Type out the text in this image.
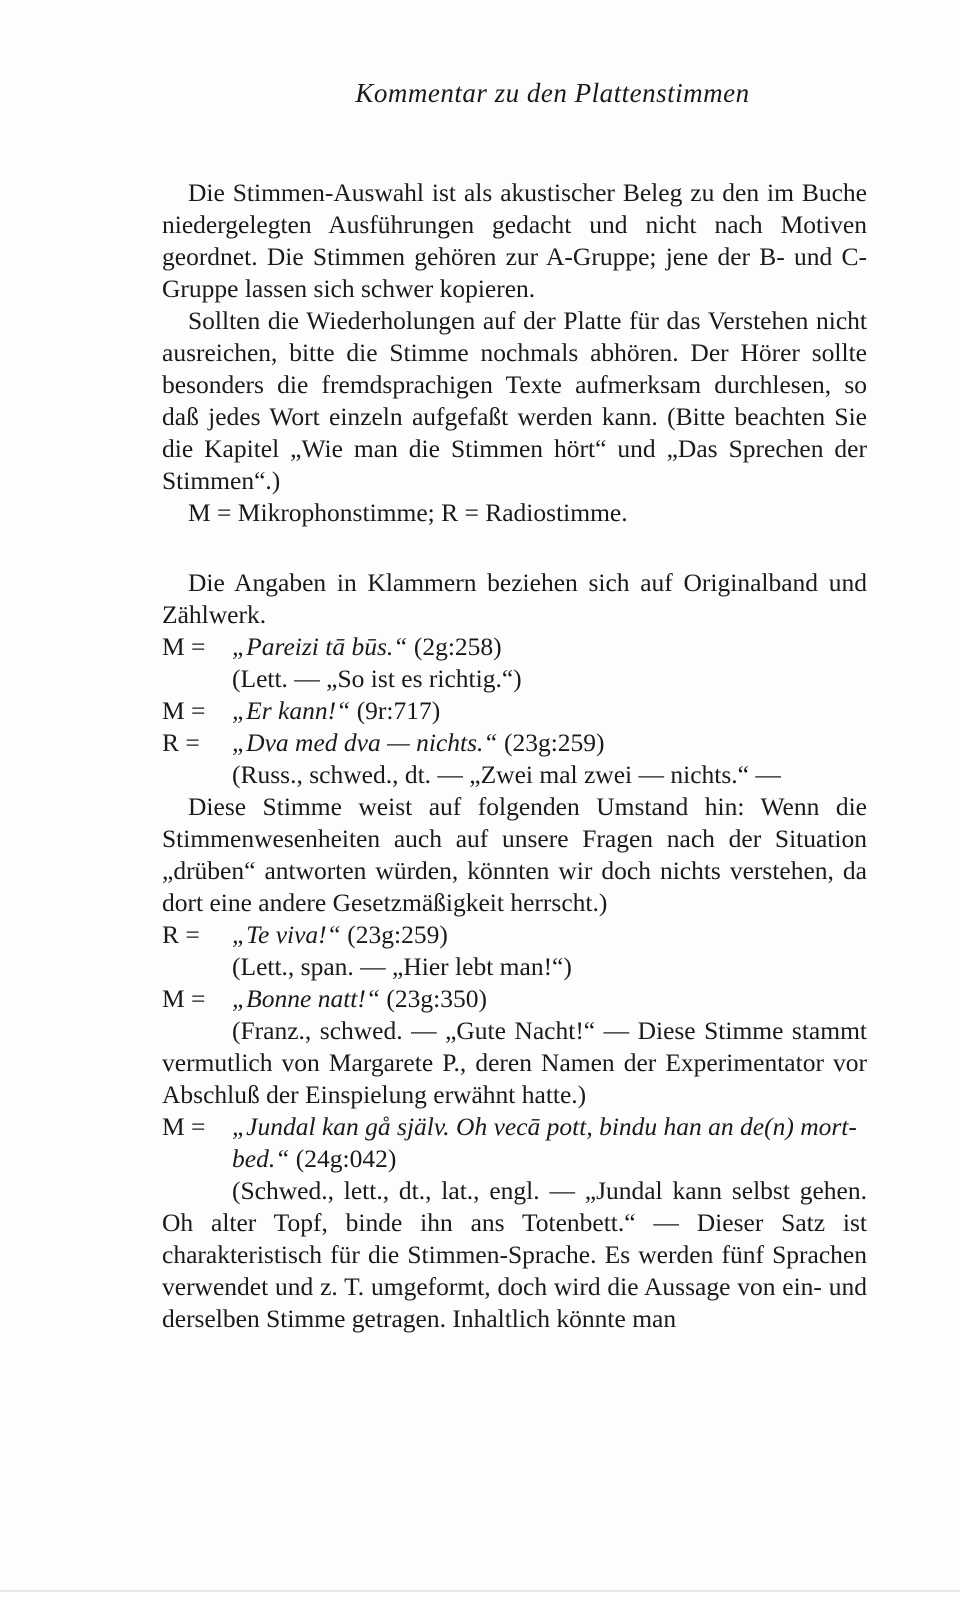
Kommentar zu den Plattenstimmen

Die Stimmen-Auswahl ist als akustischer Beleg zu den im Buche niedergelegten Ausführungen gedacht und nicht nach Motiven geordnet. Die Stimmen gehören zur A-Gruppe; jene der B- und C-Gruppe lassen sich schwer kopieren.

Sollten die Wiederholungen auf der Platte für das Verstehen nicht ausreichen, bitte die Stimme nochmals abhören. Der Hörer sollte besonders die fremdsprachigen Texte aufmerksam durchlesen, so daß jedes Wort einzeln aufgefaßt werden kann. (Bitte beachten Sie die Kapitel „Wie man die Stimmen hört“ und „Das Sprechen der Stimmen“.)

M = Mikrophonstimme; R = Radiostimme.

Die Angaben in Klammern beziehen sich auf Originalband und Zählwerk.

M =	„Pareizi tā būs.“ (2g:258)

(Lett. — „So ist es richtig.“)

M =	„Er kann!“ (9r:717)
R =	„Dva med dva — nichts.“ (23g:259)

(Russ., schwed., dt. — „Zwei mal zwei — nichts.“ —

Diese Stimme weist auf folgenden Umstand hin: Wenn die Stimmenwesenheiten auch auf unsere Fragen nach der Situation „drüben“ antworten würden, könnten wir doch nichts verstehen, da dort eine andere Gesetzmäßigkeit herrscht.)

R =	„Te viva!“ (23g:259)

(Lett., span. — „Hier lebt man!“)

M =	„Bonne natt!“ (23g:350)

(Franz., schwed. — „Gute Nacht!“ — Diese Stimme stammt vermutlich von Margarete P., deren Namen der Experimentator vor Abschluß der Einspielung erwähnt hatte.)

M =	„Jundal kan gå själv. Oh vecā pott, bindu han an de(n) mort-bed.“ (24g:042)

(Schwed., lett., dt., lat., engl. — „Jundal kann selbst gehen. Oh alter Topf, binde ihn ans Totenbett.“ — Dieser Satz ist charakteristisch für die Stimmen-Sprache. Es werden fünf Sprachen verwendet und z. T. umgeformt, doch wird die Aussage von ein- und derselben Stimme getragen. Inhaltlich könnte man
